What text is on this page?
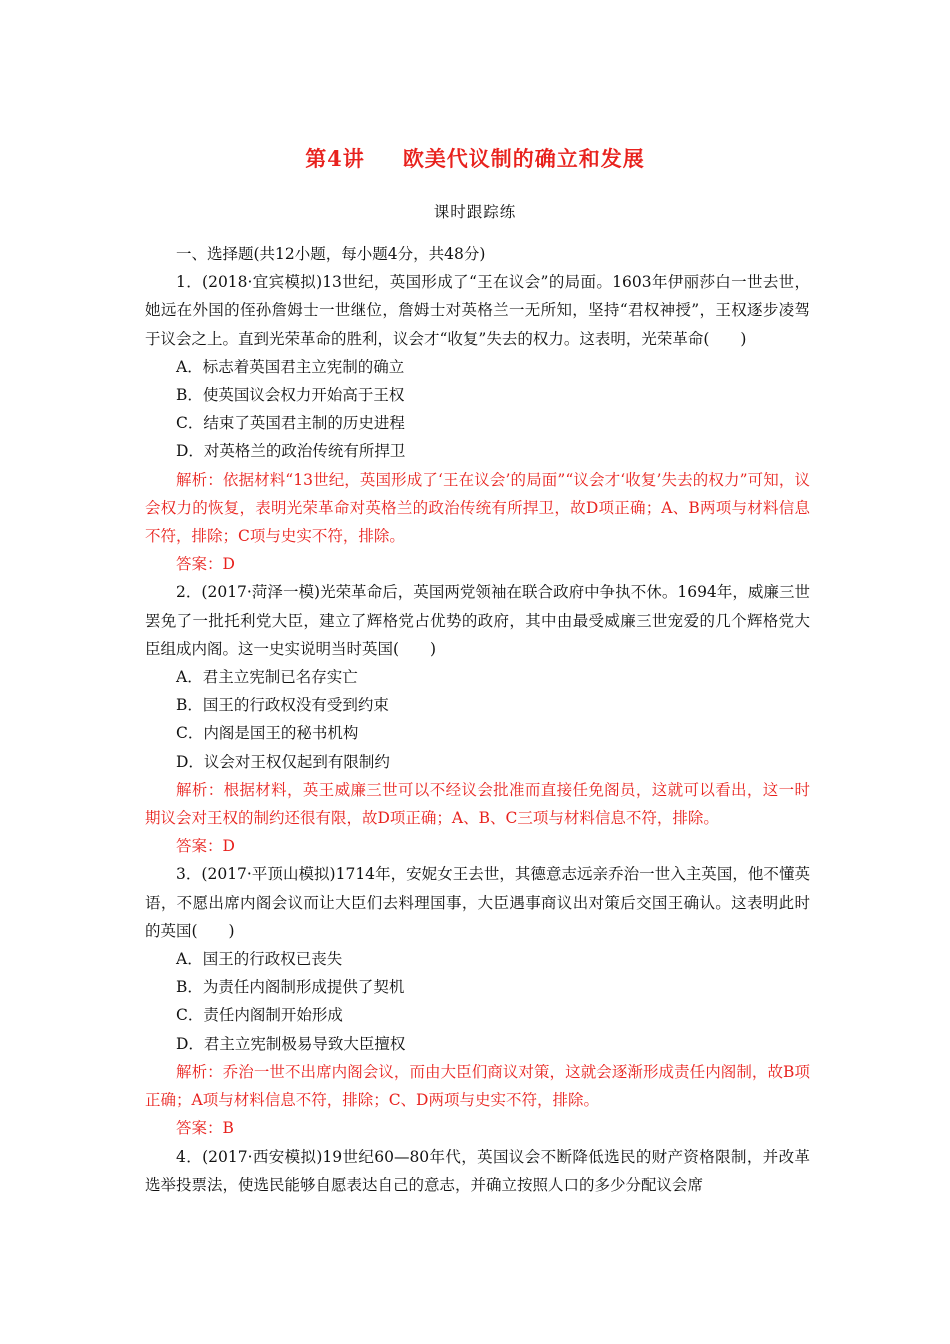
第4讲 欧美代议制的确立和发展
课时跟踪练

一、选择题(共12小题，每小题4分，共48分)

1．(2018·宜宾模拟)13世纪，英国形成了“王在议会”的局面。1603年伊丽莎白一世去世，她远在外国的侄孙詹姆士一世继位，詹姆士对英格兰一无所知，坚持“君权神授”，王权逐步凌驾于议会之上。直到光荣革命的胜利，议会才“收复”失去的权力。这表明，光荣革命(　　)

A．标志着英国君主立宪制的确立

B．使英国议会权力开始高于王权

C．结束了英国君主制的历史进程

D．对英格兰的政治传统有所捍卫

解析：依据材料“13世纪，英国形成了‘王在议会’的局面”“议会才‘收复’失去的权力”可知，议会权力的恢复，表明光荣革命对英格兰的政治传统有所捍卫，故D项正确；A、B两项与材料信息不符，排除；C项与史实不符，排除。

答案：D

2．(2017·菏泽一模)光荣革命后，英国两党领袖在联合政府中争执不休。1694年，威廉三世罢免了一批托利党大臣，建立了辉格党占优势的政府，其中由最受威廉三世宠爱的几个辉格党大臣组成内阁。这一史实说明当时英国(　　)

A．君主立宪制已名存实亡

B．国王的行政权没有受到约束

C．内阁是国王的秘书机构

D．议会对王权仅起到有限制约

解析：根据材料，英王威廉三世可以不经议会批准而直接任免阁员，这就可以看出，这一时期议会对王权的制约还很有限，故D项正确；A、B、C三项与材料信息不符，排除。

答案：D

3．(2017·平顶山模拟)1714年，安妮女王去世，其德意志远亲乔治一世入主英国，他不懂英语，不愿出席内阁会议而让大臣们去料理国事，大臣遇事商议出对策后交国王确认。这表明此时的英国(　　)

A．国王的行政权已丧失

B．为责任内阁制形成提供了契机

C．责任内阁制开始形成

D．君主立宪制极易导致大臣擅权

解析：乔治一世不出席内阁会议，而由大臣们商议对策，这就会逐渐形成责任内阁制，故B项正确；A项与材料信息不符，排除；C、D两项与史实不符，排除。

答案：B

4．(2017·西安模拟)19世纪60—80年代，英国议会不断降低选民的财产资格限制，并改革选举投票法，使选民能够自愿表达自己的意志，并确立按照人口的多少分配议会席
